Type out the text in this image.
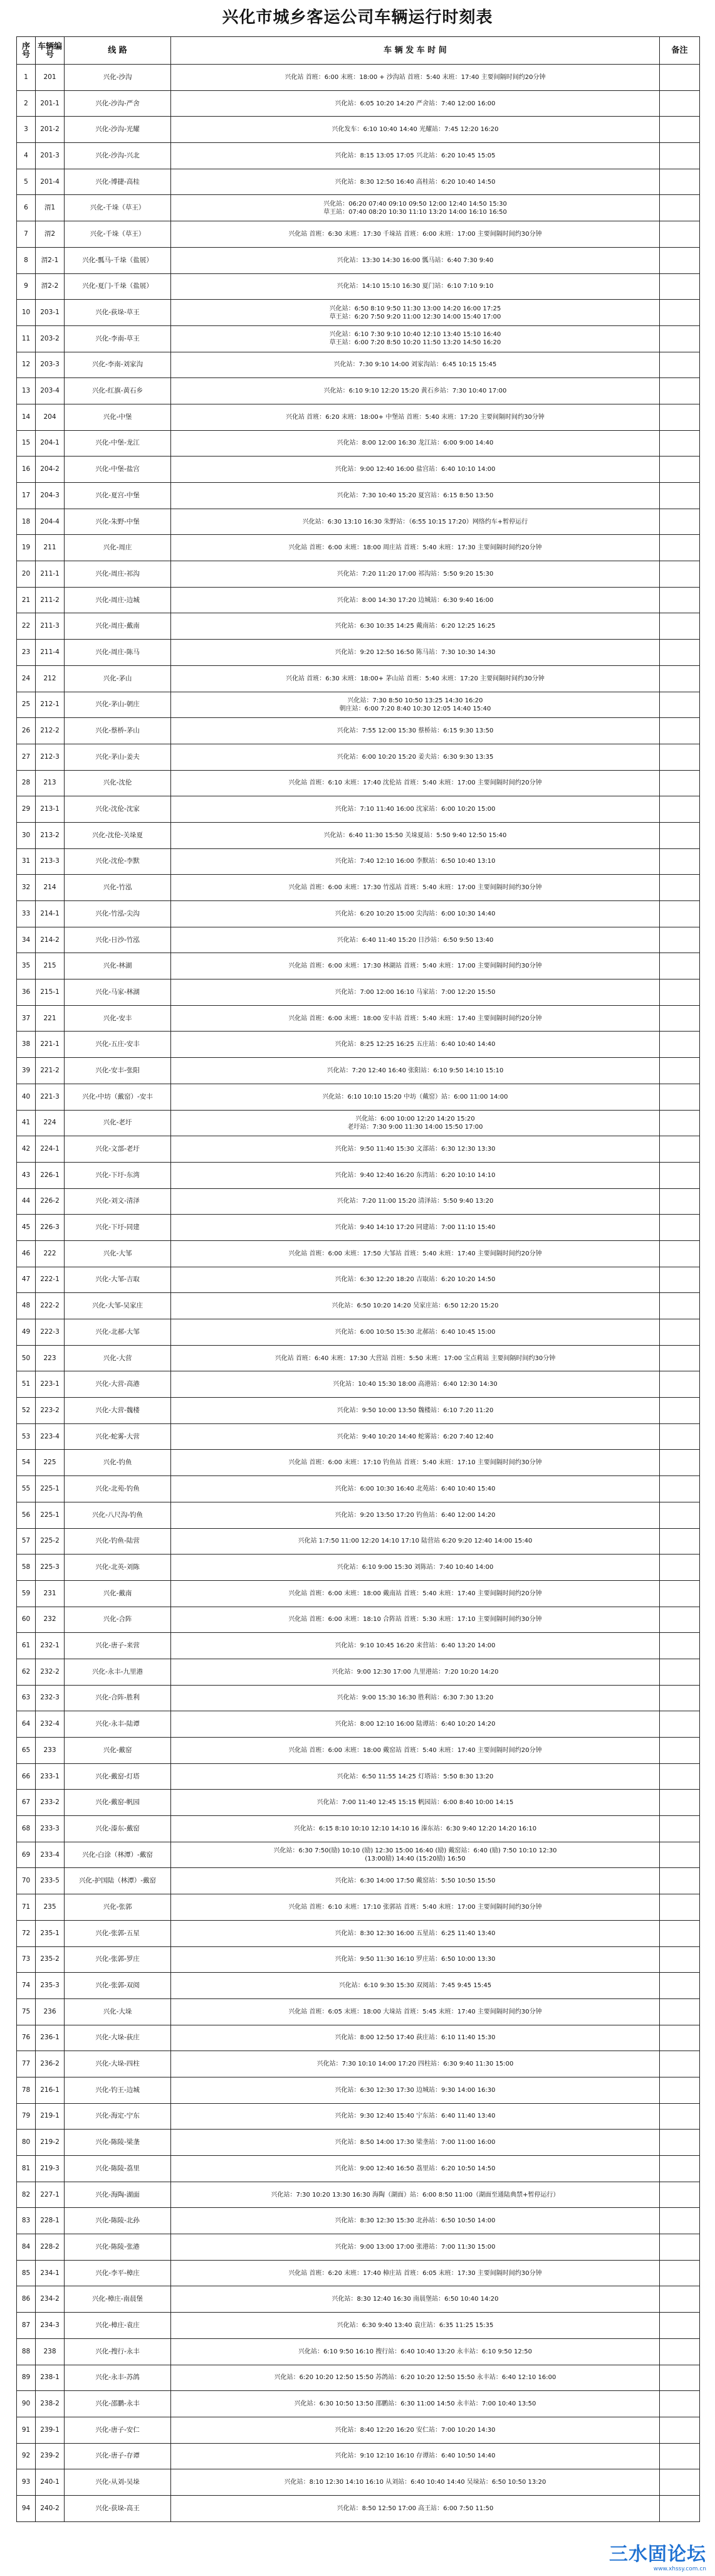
兴化市城乡客运公司车辆运行时刻表
序号	车辆编号	线 路	车 辆 发 车 时 间	备注
1	201	兴化-沙沟	兴化站 首班：6:00 末班：18:00 + 沙沟站 首班：5:40 末班：17:40 主要间隔时间约20分钟	
2	201-1	兴化-沙沟-严舍	兴化站：6:05 10:20 14:20 严舍站：7:40 12:00 16:00	
3	201-2	兴化-沙沟-光耀	兴化发车：6:10 10:40 14:40 光耀站：7:45 12:20 16:20	
4	201-3	兴化-沙沟-兴北	兴化站：8:15 13:05 17:05 兴北站：6:20 10:45 15:05	
5	201-4	兴化-博捷-高桂	兴化站：8:30 12:50 16:40 高桂站：6:20 10:40 14:50	
6	渭1	兴化-千垛（草王）	兴化站：06:20 07:40 09:10 09:50 12:00 12:40 14:50 15:30
草王站：07:40 08:20 10:30 11:10 13:20 14:00 16:10 16:50	
7	渭2	兴化-千垛（草王）	兴化站 首班：6:30 末班：17:30 千垛站 首班：6:00 末班：17:00 主要间隔时间约30分钟	
8	渭2-1	兴化-瓢马-千垛（盐展）	兴化站：13:30 14:30 16:00 瓢马站：6:40 7:30 9:40	
9	渭2-2	兴化-夏门-千垛（盐展）	兴化站：14:10 15:10 16:30 夏门站：6:10 7:10 9:10	
10	203-1	兴化-荻垛-草王	兴化站：6:50 8:10 9:50 11:30 13:00 14:20 16:00 17:25
草王站：6:20 7:50 9:20 11:00 12:30 14:00 15:40 17:00	
11	203-2	兴化-李南-草王	兴化站：6:10 7:30 9:10 10:40 12:10 13:40 15:10 16:40
草王站：6:00 7:20 8:50 10:20 11:50 13:20 14:50 16:20	
12	203-3	兴化-李南-刘家沟	兴化站：7:30 9:10 14:00 刘家沟站：6:45 10:15 15:45	
13	203-4	兴化-红旗-黄石乡	兴化站：6:10 9:10 12:20 15:20 黄石乡站：7:30 10:40 17:00	
14	204	兴化-中堡	兴化站 首班：6:20 末班：18:00+ 中堡站 首班：5:40 末班：17:20 主要间隔时间约30分钟	
15	204-1	兴化-中堡-龙江	兴化站：8:00 12:00 16:30 龙江站：6:00 9:00 14:40	
16	204-2	兴化-中堡-盐宫	兴化站：9:00 12:40 16:00 盐宫站：6:40 10:10 14:00	
17	204-3	兴化-夏宫-中堡	兴化站：7:30 10:40 15:20 夏宫站：6:15 8:50 13:50	
18	204-4	兴化-朱野-中堡	兴化站：6:30 13:10 16:30 朱野站：（6:55 10:15 17:20）网络约车+暂停运行	
19	211	兴化-周庄	兴化站 首班：6:00 末班：18:00 周庄站 首班：5:40 末班：17:30 主要间隔时间约20分钟	
20	211-1	兴化-周庄-祁沟	兴化站：7:20 11:20 17:00 祁沟站：5:50 9:20 15:30	
21	211-2	兴化-周庄-边城	兴化站：8:00 14:30 17:20 边城站：6:30 9:40 16:00	
22	211-3	兴化-周庄-戴南	兴化站：6:30 10:35 14:25 戴南站：6:20 12:25 16:25	
23	211-4	兴化-周庄-陈马	兴化站：9:20 12:50 16:50 陈马站：7:30 10:30 14:30	
24	212	兴化-茅山	兴化站 首班：6:30 末班：18:00+ 茅山站 首班：5:40 末班：17:20 主要间隔时间约30分钟	
25	212-1	兴化-茅山-朝庄	兴化站：7:30 8:50 10:50 13:25 14:30 16:20
朝庄站：6:00 7:20 8:40 10:30 12:05 14:40 15:40	
26	212-2	兴化-蔡桥-茅山	兴化站：7:55 12:00 15:30 蔡桥站：6:15 9:30 13:50	
27	212-3	兴化-茅山-姜夫	兴化站：6:00 10:20 15:20 姜夫站：6:30 9:30 13:35	
28	213	兴化-沈伦	兴化站 首班：6:10 末班：17:40 沈伦站 首班：5:40 末班：17:00 主要间隔时间约20分钟	
29	213-1	兴化-沈伦-沈家	兴化站：7:10 11:40 16:00 沈家站：6:00 10:20 15:00	
30	213-2	兴化-沈伦-关垛夏	兴化站：6:40 11:30 15:50 关垛夏站：5:50 9:40 12:50 15:40	
31	213-3	兴化-沈伦-李默	兴化站：7:40 12:10 16:00 李默站：6:50 10:40 13:10	
32	214	兴化-竹泓	兴化站 首班：6:00 末班：17:30 竹泓站 首班：5:40 末班：17:00 主要间隔时间约30分钟	
33	214-1	兴化-竹泓-尖沟	兴化站：6:20 10:20 15:00 尖沟站：6:00 10:30 14:40	
34	214-2	兴化-日沙-竹泓	兴化站：6:40 11:40 15:20 日沙站：6:50 9:50 13:40	
35	215	兴化-林湖	兴化站 首班：6:00 末班：17:30 林湖站 首班：5:40 末班：17:00 主要间隔时间约30分钟	
36	215-1	兴化-马家-林湖	兴化站：7:00 12:00 16:10 马家站：7:00 12:20 15:50	
37	221	兴化-安丰	兴化站 首班：6:00 末班：18:00 安丰站 首班：5:40 末班：17:40 主要间隔时间约20分钟	
38	221-1	兴化-五庄-安丰	兴化站：8:25 12:25 16:25 五庄站：6:40 10:40 14:40	
39	221-2	兴化-安丰-张阳	兴化站：7:20 12:40 16:40 张阳站：6:10 9:50 14:10 15:10	
40	221-3	兴化-中坊（戴窑）-安丰	兴化站：6:10 10:10 15:20 中坊（戴窑）站：6:00 11:00 14:00	
41	224	兴化-老圩	兴化站：6:00 10:00 12:20 14:20 15:20
老圩站：7:30 9:00 11:30 14:00 15:50 17:00	
42	224-1	兴化-文部-老圩	兴化站：9:50 11:40 15:30 文部站：6:30 12:30 13:30	
43	226-1	兴化-下圩-东湾	兴化站：9:40 12:40 16:20 东湾站：6:20 10:10 14:10	
44	226-2	兴化-刘文-清泽	兴化站：7:20 11:00 15:20 清泽站：5:50 9:40 13:20	
45	226-3	兴化-下圩-同建	兴化站：9:40 14:10 17:20 同建站：7:00 11:10 15:40	
46	222	兴化-大邹	兴化站 首班：6:00 末班：17:50 大邹站 首班：5:40 末班：17:40 主要间隔时间约20分钟	
47	222-1	兴化-大邹-吉取	兴化站：6:30 12:20 18:20 吉取站：6:20 10:20 14:50	
48	222-2	兴化-大邹-吴家庄	兴化站：6:50 10:20 14:20 吴家庄站：6:50 12:20 15:20	
49	222-3	兴化-北郝-大邹	兴化站：6:00 10:50 15:30 北郝站：6:40 10:45 15:00	
50	223	兴化-大营	兴化站 首班：6:40 末班：17:30 大营站 首班：5:50 末班：17:00 宝点莉站 主要间隔时间约30分钟	
51	223-1	兴化-大营-高港	兴化站：10:40 15:30 18:00 高港站：6:40 12:30 14:30	
52	223-2	兴化-大营-魏楼	兴化站：9:50 10:00 13:50 魏楼站：6:10 7:20 11:20	
53	223-4	兴化-蛇雾-大营	兴化站：9:40 10:20 14:40 蛇雾站：6:20 7:40 12:40	
54	225	兴化-钓鱼	兴化站 首班：6:00 末班：17:10 钓鱼站 首班：5:40 末班：17:10 主要间隔时间约30分钟	
55	225-1	兴化-北苑-钓鱼	兴化站：6:00 10:30 16:40 北苑站：6:40 10:40 15:40	
56	225-1	兴化-八尺沟-钓鱼	兴化站：9:20 13:50 17:20 钓鱼站：6:40 12:00 14:20	
57	225-2	兴化-钓鱼-陆营	兴化站 1:7:50 11:00 12:20 14:10 17:10 陆营站 6:20 9:20 12:40 14:00 15:40	
58	225-3	兴化-北英-刘陈	兴化站：6:10 9:00 15:30 刘陈站：7:40 10:40 14:00	
59	231	兴化-戴南	兴化站 首班：6:00 末班：18:00 戴南站 首班：5:40 末班：17:40 主要间隔时间约20分钟	
60	232	兴化-合阵	兴化站 首班：6:00 末班：18:10 合阵站 首班：5:30 末班：17:10 主要间隔时间约30分钟	
61	232-1	兴化-唐子-来营	兴化站：9:10 10:45 16:20 来营站：6:40 13:20 14:00	
62	232-2	兴化-永丰-九里港	兴化站：9:00 12:30 17:00 九里港站：7:20 10:20 14:20	
63	232-3	兴化-合阵-胜利	兴化站：9:00 15:30 16:30 胜利站：6:30 7:30 13:20	
64	232-4	兴化-永丰-陆谭	兴化站：8:00 12:10 16:00 陆谭站：6:40 10:20 14:20	
65	233	兴化-戴窑	兴化站 首班：6:00 末班：18:00 戴窑站 首班：5:40 末班：17:40 主要间隔时间约20分钟	
66	233-1	兴化-戴窑-灯塔	兴化站：6:50 11:55 14:25 灯塔站：5:50 8:30 13:20	
67	233-2	兴化-戴窑-帆园	兴化站：7:00 11:40 12:45 15:15 帆园站：6:00 8:40 10:00 14:15	
68	233-3	兴化-溱东-戴窑	兴化站：6:15 8:10 10:10 12:10 14:10 16 溱东站：6:30 9:40 12:20 14:20 16:10	
69	233-4	兴化-白涂（林潭）-戴窑	兴化站：6:30 7:50(励) 10:10 (励) 12:30 15:00 16:40 (励) 戴窑站：6:40 (励) 7:50 10:10 12:30
(13:00励) 14:40 (15:20励) 16:50	
70	233-5	兴化-护国陆（林潭）-戴窑	兴化站：6:30 14:00 17:50 戴窑站：5:50 10:50 15:50	
71	235	兴化-张郭	兴化站 首班：6:10 末班：17:10 张郭站 首班：5:40 末班：17:00 主要间隔时间约30分钟	
72	235-1	兴化-张郭-五星	兴化站：8:30 12:30 16:00 五星站：6:25 11:40 13:40	
73	235-2	兴化-张郭-罗庄	兴化站：9:50 11:30 16:10 罗庄站：6:50 10:00 13:30	
74	235-3	兴化-张郭-双阅	兴化站：6:10 9:30 15:30 双阅站：7:45 9:45 15:45	
75	236	兴化-大垛	兴化站 首班：6:05 末班：18:00 大垛站 首班：5:45 末班：17:40 主要间隔时间约30分钟	
76	236-1	兴化-大垛-荻庄	兴化站：8:00 12:50 17:40 荻庄站：6:10 11:40 15:30	
77	236-2	兴化-大垛-四柱	兴化站：7:30 10:10 14:00 17:20 四柱站：6:30 9:40 11:30 15:00	
78	216-1	兴化-钓王-边城	兴化站：6:30 12:30 17:30 边城站：9:30 14:00 16:30	
79	219-1	兴化-海定-宁东	兴化站：9:30 12:40 15:40 宁东站：6:40 11:40 13:40	
80	219-2	兴化-陈陵-梁垄	兴化站：8:50 14:00 17:30 梁垄站：7:00 11:00 16:00	
81	219-3	兴化-陈陵-荔里	兴化站：9:00 12:40 16:50 荔里站：6:20 10:50 14:50	
82	227-1	兴化-海陶-湖面	兴化站：7:30 10:20 13:30 16:30 海陶（湖面）站：6:00 8:50 11:00（湖面至通陆典禁+暂停运行）	
83	228-1	兴化-陈陵-北孙	兴化站：8:30 12:30 15:30 北孙站：6:50 10:50 14:00	
84	228-2	兴化-陈陵-张港	兴化站：9:00 13:00 17:00 张港站：7:00 11:30 15:00	
85	234-1	兴化-李平-樟庄	兴化站 首班：6:20 末班：17:40 樟庄站 首班：6:05 末班：17:30 主要间隔时间约30分钟	
86	234-2	兴化-樟庄-南晨堡	兴化站：8:30 12:40 16:30 南晨堡站：6:50 10:40 14:20	
87	234-3	兴化-樟庄-袁庄	兴化站：6:30 9:40 13:40 袁庄站：6:35 11:25 15:35	
88	238	兴化-搜行-永丰	兴化站：6:10 9:50 16:10 搜行站：6:40 10:40 13:20 永丰站：6:10 9:50 12:50	
89	238-1	兴化-永丰-苏鸽	兴化站：6:20 10:20 12:50 15:50 苏鸽站：6:20 10:20 12:50 15:50 永丰站：6:40 12:10 16:00	
90	238-2	兴化-邵鹏-永丰	兴化站：6:30 10:50 13:50 邵鹏站：6:30 11:00 14:50 永丰站：7:00 10:40 13:50	
91	239-1	兴化-唐子-安仁	兴化站：8:40 12:20 16:20 安仁站：7:00 10:20 14:30	
92	239-2	兴化-唐子-存谭	兴化站：9:10 12:10 16:10 存谭站：6:40 10:50 14:40	
93	240-1	兴化-从刘-吴垛	兴化站：8:10 12:30 14:10 16:10 从刘站：6:40 10:40 14:40 吴垛站：6:50 10:50 13:20	
94	240-2	兴化-获垛-高王	兴化站：8:50 12:50 17:00 高王站：6:00 7:50 11:50	
三水固论坛
www.xhssy.com.cn
